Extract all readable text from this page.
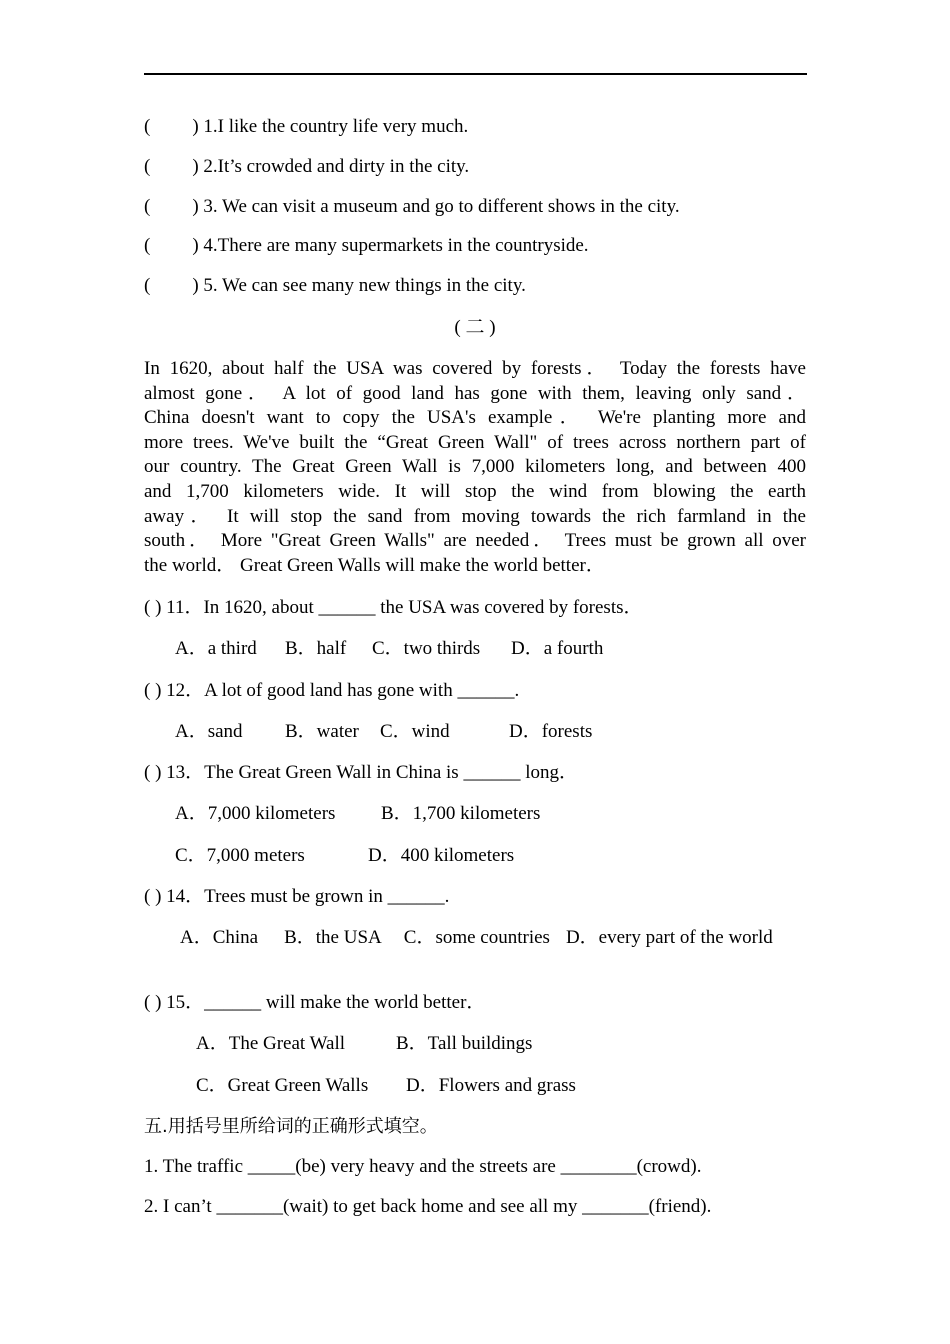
( ) 1.I like the country life very much.
( ) 2.It’s crowded and dirty in the city.
( ) 3. We can visit a museum and go to different shows in the city.
( ) 4.There are many supermarkets in the countryside.
( ) 5. We can see many new things in the city.
( 二 )

In 1620, about half the USA was covered by forests． Today the forests have

almost gone． A lot of good land has gone with them, leaving only sand．

China doesn't want to copy the USA's example． We're planting more and

more trees. We've built the “Great Green Wall" of trees across northern part of

our country. The Great Green Wall is 7,000 kilometers long, and between 400

and 1,700 kilometers wide. It will stop the wind from blowing the earth

away． It will stop the sand from moving towards the rich farmland in the

south． More "Great Green Walls" are needed． Trees must be grown all over

the world． Great Green Walls will make the world better．

( ) 11．In 1620, about ______ the USA was covered by forests．
A．a third B．half C．two thirds D．a fourth
( ) 12．A lot of good land has gone with ______.
A．sand B．water C．wind	D．forests
( ) 13．The Great Green Wall in China is ______ long．
A．7,000 kilometers B．1,700 kilometers
C．7,000 meters	D．400 kilometers
( ) 14．Trees must be grown in ______.
A．China B．the USA C．some countries D．every part of the world
( ) 15．______ will make the world better．
A．The Great Wall	B．Tall buildings
C．Great Green Walls D．Flowers and grass
五.用括号里所给词的正确形式填空。
1. The traffic _____(be) very heavy and the streets are ________(crowd).
2. I can’t _______(wait) to get back home and see all my _______(friend).
